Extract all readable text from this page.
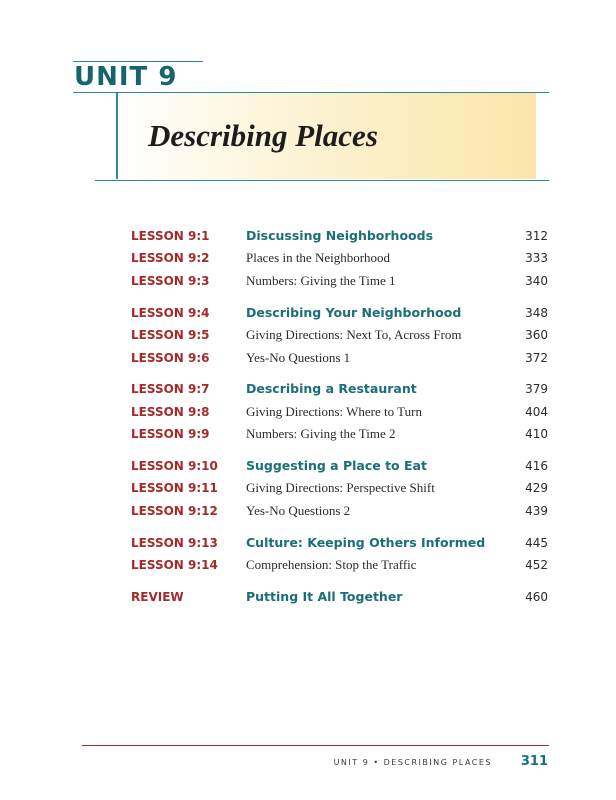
UNIT 9
Describing Places
LESSON 9:1	Discussing Neighborhoods	312
LESSON 9:2	Places in the Neighborhood	333
LESSON 9:3	Numbers: Giving the Time 1	340
LESSON 9:4	Describing Your Neighborhood	348
LESSON 9:5	Giving Directions: Next To, Across From	360
LESSON 9:6	Yes-No Questions 1	372
LESSON 9:7	Describing a Restaurant	379
LESSON 9:8	Giving Directions: Where to Turn	404
LESSON 9:9	Numbers: Giving the Time 2	410
LESSON 9:10 Suggesting a Place to Eat	416
LESSON 9:11 Giving Directions: Perspective Shift	429
LESSON 9:12 Yes-No Questions 2	439
LESSON 9:13 Culture: Keeping Others Informed	445
LESSON 9:14 Comprehension: Stop the Traffic	452
REVIEW	Putting It All Together	460

UNIT 9 • DESCRIBING PLACES 311
